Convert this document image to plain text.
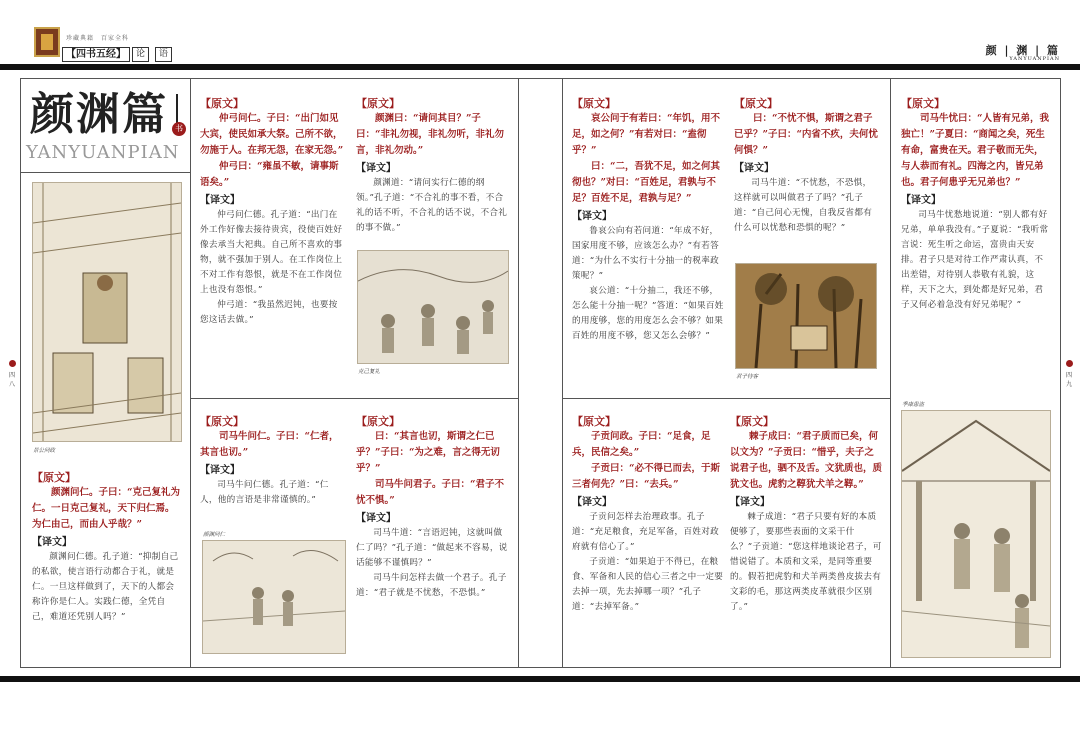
珍藏典籍　百家全科
【四书五经】	论	语	颜 | 渊 | 篇
YANYUANPIAN
四
八
四
九
颜渊篇 书
YANYUANPIAN
景公问政
【原文】

颜渊问仁。子曰：“克己复礼为仁。一日克己复礼，天下归仁焉。为仁由己，而由人乎哉？”

【译文】

颜渊问仁德。孔子道：“抑制自己的私欲，使言语行动都合于礼，就是仁。一旦这样做到了，天下的人都会称许你是仁人。实践仁德，全凭自己，难道还凭别人吗？”

【原文】

仲弓问仁。子曰：“出门如见大宾，使民如承大祭。己所不欲，勿施于人。在邦无怨，在家无怨。”

仲弓曰：“雍虽不敏，请事斯语矣。”

【译文】

仲弓问仁德。孔子道：“出门在外工作好像去接待贵宾，役使百姓好像去承当大祀典。自己所不喜欢的事物，就不强加于别人。在工作岗位上不对工作有怨恨，就是不在工作岗位上也没有怨恨。”

仲弓道：“我虽然迟钝，也要按您这话去做。”

【原文】

颜渊曰：“请问其目？”子曰：“非礼勿视，非礼勿听，非礼勿言，非礼勿动。”

【译文】

颜渊道：“请问实行仁德的纲领。”孔子道：“不合礼的事不看，不合礼的话不听，不合礼的话不说，不合礼的事不做。”

克己复礼
【原文】

司马牛问仁。子曰：“仁者，其言也讱。”

【译文】

司马牛问仁德。孔子道：“仁人，他的言语是非常谨慎的。”

颜渊问仁
【原文】

曰：“其言也讱，斯谓之仁已乎？”子曰：“为之难，言之得无讱乎？”

司马牛问君子。子曰：“君子不忧不惧。”

【译文】

司马牛道：“言语迟钝，这就叫做仁了吗？”孔子道：“做起来不容易，说话能够不谨慎吗？”

司马牛问怎样去做一个君子。孔子道：“君子就是不忧愁，不恐惧。”

【原文】

哀公问于有若曰：“年饥，用不足，如之何？”有若对曰：“盍彻乎？”

曰：“二，吾犹不足，如之何其彻也？”对曰：“百姓足，君孰与不足？百姓不足，君孰与足？”

【译文】

鲁哀公向有若问道：“年成不好，国家用度不够，应该怎么办？”有若答道：“为什么不实行十分抽一的税率政策呢？”

哀公道：“十分抽二，我还不够，怎么能十分抽一呢？”答道：“如果百姓的用度够，您的用度怎么会不够？如果百姓的用度不够，您又怎么会够？”

【原文】

曰：“不忧不惧，斯谓之君子已乎？”子曰：“内省不疚，夫何忧何惧？”

【译文】

司马牛道：“不忧愁，不恐惧，这样就可以叫做君子了吗？”孔子道：“自己问心无愧，自我反省都有什么可以忧愁和恐惧的呢？”

君子待客
【原文】

子贡问政。子曰：“足食，足兵，民信之矣。”

子贡曰：“必不得已而去，于斯三者何先？”曰：“去兵。”

【译文】

子贡问怎样去治理政事。孔子道：“充足粮食，充足军备，百姓对政府就有信心了。”

子贡道：“如果迫于不得已，在粮食、军备和人民的信心三者之中一定要去掉一项，先去掉哪一项？”孔子道：“去掉军备。”

【原文】

棘子成曰：“君子质而已矣，何以文为？”子贡曰：“惜乎，夫子之说君子也，驷不及舌。文犹质也，质犹文也。虎豹之鞟犹犬羊之鞟。”

【译文】

棘子成道：“君子只要有好的本质便够了，要那些表面的文采干什么？”子贡道：“您这样地谈论君子，可惜说错了。本质和文采，是同等重要的。假若把虎豹和犬羊两类兽皮拔去有文彩的毛，那这两类皮革就很少区别了。”

【原文】

司马牛忧曰：“人皆有兄弟，我独亡！”子夏曰：“商闻之矣，死生有命，富贵在天。君子敬而无失，与人恭而有礼。四海之内，皆兄弟也。君子何患乎无兄弟也？”

【译文】

司马牛忧愁地说道：“别人都有好兄弟，单单我没有。”子夏说：“我听常言说：死生听之命运，富贵由天安排。君子只是对待工作严肃认真，不出差错，对待别人恭敬有礼貌，这样，天下之大，到处都是好兄弟，君子又何必着急没有好兄弟呢？”

季康患盗
